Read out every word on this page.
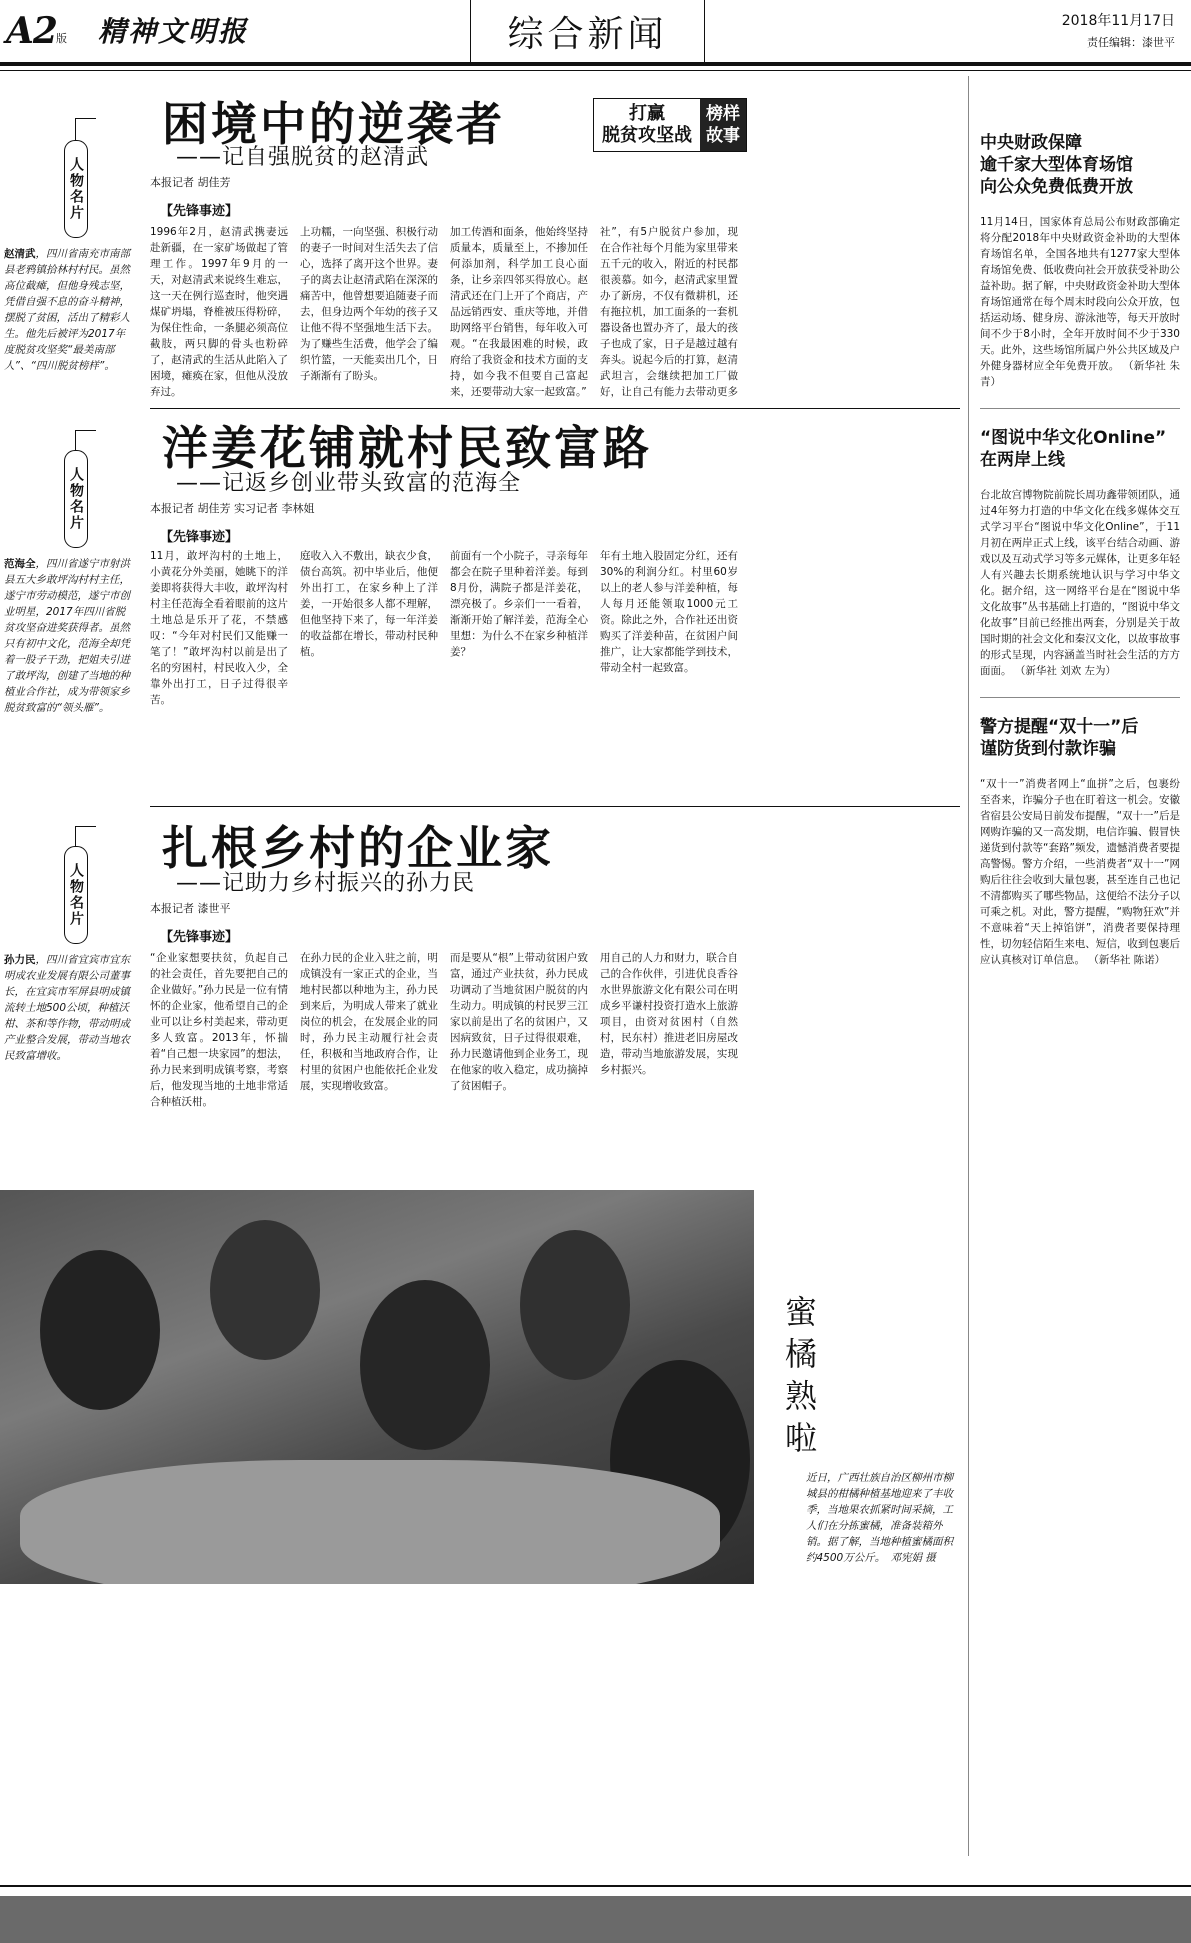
A2 版 精神文明报	综合新闻	2018年11月17日
责任编辑：漆世平
打赢
脱贫攻坚战
榜样
故事
人物名片
赵清武，四川省南充市南部县老鸦镇拾林村村民。虽然高位截瘫，但他身残志坚，凭借自强不息的奋斗精神，摆脱了贫困，活出了精彩人生。他先后被评为2017年度脱贫攻坚奖“最美南部人”、“四川脱贫榜样”。
困境中的逆袭者
——记自强脱贫的赵清武
本报记者 胡佳芳
【先锋事迹】
1996年2月，赵清武携妻远赴新疆，在一家矿场做起了管理工作。1997年9月的一天，对赵清武来说终生难忘，这一天在例行巡查时，他突遇煤矿坍塌，脊椎被压得粉碎，为保住性命，一条腿必须高位截肢，两只脚的骨头也粉碎了，赵清武的生活从此陷入了困境，瘫痪在家，但他从没放弃过。
上功糯，一向坚强、积极行动的妻子一时间对生活失去了信心，选择了离开这个世界。妻子的离去让赵清武陷在深深的痛苦中，他曾想要追随妻子而去，但身边两个年幼的孩子又让他不得不坚强地生活下去。为了赚些生活费，他学会了编织竹篮，一天能卖出几个，日子渐渐有了盼头。
加工传酒和面条，他始终坚持质量本，质量至上，不掺加任何添加剂，科学加工良心面条，让乡亲四邻买得放心。赵清武还在门上开了个商店，产品远销西安、重庆等地，并借助网络平台销售，每年收入可观。“在我最困难的时候，政府给了我资金和技术方面的支持，如今我不但要自己富起来，还要带动大家一起致富。”
社”，有5户脱贫户参加，现在合作社每个月能为家里带来五千元的收入，附近的村民都很羡慕。如今，赵清武家里置办了新房，不仅有微耕机，还有拖拉机，加工面条的一套机器设备也置办齐了，最大的孩子也成了家，日子是越过越有奔头。说起今后的打算，赵清武坦言，会继续把加工厂做好，让自己有能力去带动更多
人物名片
范海全，四川省遂宁市射洪县五大乡敢坪沟村村主任，遂宁市劳动模范，遂宁市创业明星，2017年四川省脱贫攻坚奋进奖获得者。虽然只有初中文化，范海全却凭着一股子干劲，把姐夫引进了敢坪沟，创建了当地的种植业合作社，成为带领家乡脱贫致富的“领头雁”。
洋姜花铺就村民致富路
——记返乡创业带头致富的范海全
本报记者 胡佳芳 实习记者 李林姐
【先锋事迹】
11月，敢坪沟村的土地上，小黄花分外美丽，她眺下的洋姜即将获得大丰收，敢坪沟村村主任范海全看着眼前的这片土地总是乐开了花，不禁感叹：“今年对村民们又能赚一笔了！”敢坪沟村以前是出了名的穷困村，村民收入少，全靠外出打工，日子过得很辛苦。
庭收入入不敷出，缺衣少食，债台高筑。初中毕业后，他便外出打工，在家乡种上了洋姜，一开始很多人都不理解，但他坚持下来了，每一年洋姜的收益都在增长，带动村民种植。
前面有一个小院子，寻亲每年都会在院子里种着洋姜。每到8月份，满院子都是洋姜花，漂亮极了。乡亲们一一看着，渐渐开始了解洋姜，范海全心里想：为什么不在家乡种植洋姜？
年有土地入股固定分红，还有30%的利润分红。村里60岁以上的老人参与洋姜种植，每人每月还能领取1000元工资。除此之外，合作社还出资购买了洋姜种苗，在贫困户间推广，让大家都能学到技术，带动全村一起致富。
人物名片
孙力民，四川省宜宾市宜东明成农业发展有限公司董事长，在宜宾市军屏县明成镇流转土地500公顷，种植沃柑、茶和等作物，带动明成产业整合发展，带动当地农民致富增收。
扎根乡村的企业家
——记助力乡村振兴的孙力民
本报记者 漆世平
【先锋事迹】
“企业家想要扶贫，负起自己的社会责任，首先要把自己的企业做好。”孙力民是一位有情怀的企业家，他希望自己的企业可以让乡村美起来，带动更多人致富。2013年，怀揣着“自己想一块家园”的想法，孙力民来到明成镇考察，考察后，他发现当地的土地非常适合种植沃柑。
在孙力民的企业入驻之前，明成镇没有一家正式的企业，当地村民都以种地为主，孙力民到来后，为明成人带来了就业岗位的机会，在发展企业的同时，孙力民主动履行社会责任，积极和当地政府合作，让村里的贫困户也能依托企业发展，实现增收致富。
而是要从“根”上带动贫困户致富，通过产业扶贫，孙力民成功调动了当地贫困户脱贫的内生动力。明成镇的村民罗三江家以前是出了名的贫困户，又因病致贫，日子过得很艰难，孙力民邀请他到企业务工，现在他家的收入稳定，成功摘掉了贫困帽子。
用自己的人力和财力，联合自己的合作伙伴，引进优良香谷水世界旅游文化有限公司在明成乡平谦村投资打造水上旅游项目，由资对贫困村（自然村，民东村）推进老旧房屋改造，带动当地旅游发展，实现乡村振兴。
蜜橘熟啦
近日，广西壮族自治区柳州市柳城县的柑橘种植基地迎来了丰收季，当地果农抓紧时间采摘，工人们在分拣蜜橘，准备装箱外销。据了解，当地种植蜜橘面积约4500万公斤。　邓宪娟 摄
中央财政保障
逾千家大型体育场馆
向公众免费低费开放
11月14日，国家体育总局公布财政部确定将分配2018年中央财政资金补助的大型体育场馆名单，全国各地共有1277家大型体育场馆免费、低收费向社会开放获受补助公益补助。据了解，中央财政资金补助大型体育场馆通常在每个周末时段向公众开放，包括运动场、健身房、游泳池等，每天开放时间不少于8小时，全年开放时间不少于330天。此外，这些场馆所属户外公共区域及户外健身器材应全年免费开放。 （新华社 朱青）
“图说中华文化Online”
在两岸上线
台北故宫博物院前院长周功鑫带领团队，通过4年努力打造的中华文化在线多媒体交互式学习平台“图说中华文化Online”，于11月初在两岸正式上线，该平台结合动画、游戏以及互动式学习等多元媒体，让更多年轻人有兴趣去长期系统地认识与学习中华文化。据介绍，这一网络平台是在“图说中华文化故事”丛书基础上打造的，“图说中华文化故事”目前已经推出两套，分别是关于故国时期的社会文化和秦汉文化，以故事故事的形式呈现，内容涵盖当时社会生活的方方面面。 （新华社 刘欢 左为）
警方提醒“双十一”后
谨防货到付款诈骗
“双十一”消费者网上“血拼”之后，包裹纷至沓来，诈骗分子也在盯着这一机会。安徽省宿县公安局日前发布提醒，“双十一”后是网购诈骗的又一高发期，电信诈骗、假冒快递货到付款等“套路”频发，遗憾消费者要提高警惕。警方介绍，一些消费者“双十一”网购后往往会收到大量包裹，甚至连自己也记不清都购买了哪些物品，这便给不法分子以可乘之机。对此，警方提醒，“购物狂欢”并不意味着“天上掉馅饼”，消费者要保持理性，切勿轻信陌生来电、短信，收到包裹后应认真核对订单信息。 （新华社 陈诺）
